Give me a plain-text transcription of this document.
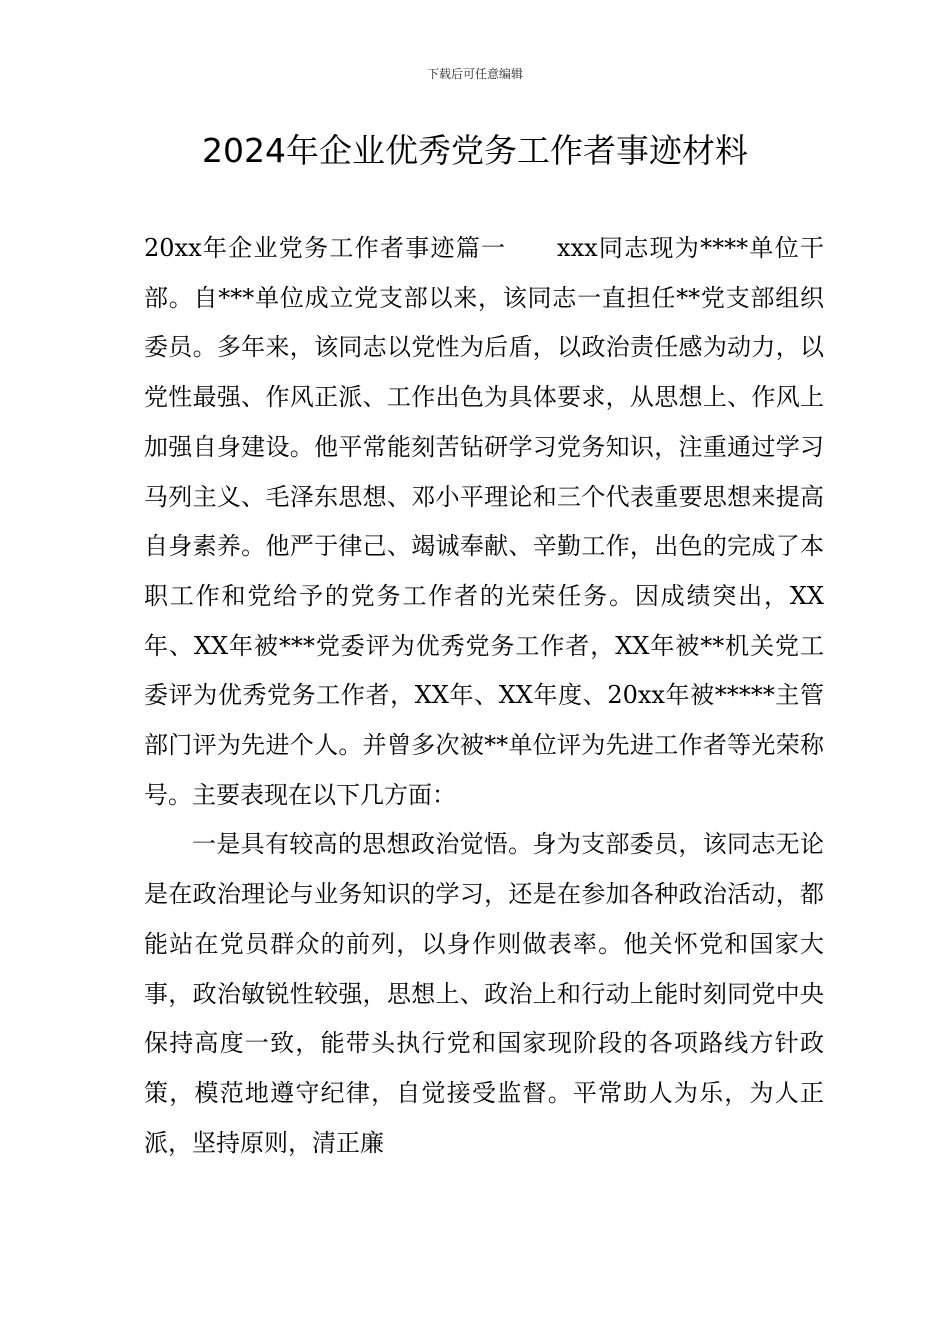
下载后可任意编辑
2024年企业优秀党务工作者事迹材料

20xx年企业党务工作者事迹篇一　　xxx同志现为****单位干部。自***单位成立党支部以来，该同志一直担任**党支部组织委员。多年来，该同志以党性为后盾，以政治责任感为动力，以 党性最强、作风正派、工作出色为具体要求，从思想上、作风上加强自身建设。他平常能刻苦钻研学习党务知识，注重通过学习马列主义、毛泽东思想、邓小平理论和三个代表重要思想来提高自身素养。他严于律己、竭诚奉献、辛勤工作，出色的完成了本职工作和党给予的党务工作者的光荣任务。因成绩突出，XX 年、XX年被***党委评为优秀党务工作者，XX年被**机关党工委评为优秀党务工作者，XX年、XX年度、20xx年被*****主管部门评为先进个人。并曾多次被**单位评为先进工作者等光荣称号。主要表现在以下几方面：

一是具有较高的思想政治觉悟。身为支部委员，该同志无论是在政治理论与业务知识的学习，还是在参加各种政治活动，都能站在党员群众的前列，以身作则做表率。他关怀党和国家大事，政治敏锐性较强，思想上、政治上和行动上能时刻同党中央保持高度一致，能带头执行党和国家现阶段的各项路线方针政策，模范地遵守纪律，自觉接受监督。平常助人为乐，为人正派，坚持原则，清正廉
